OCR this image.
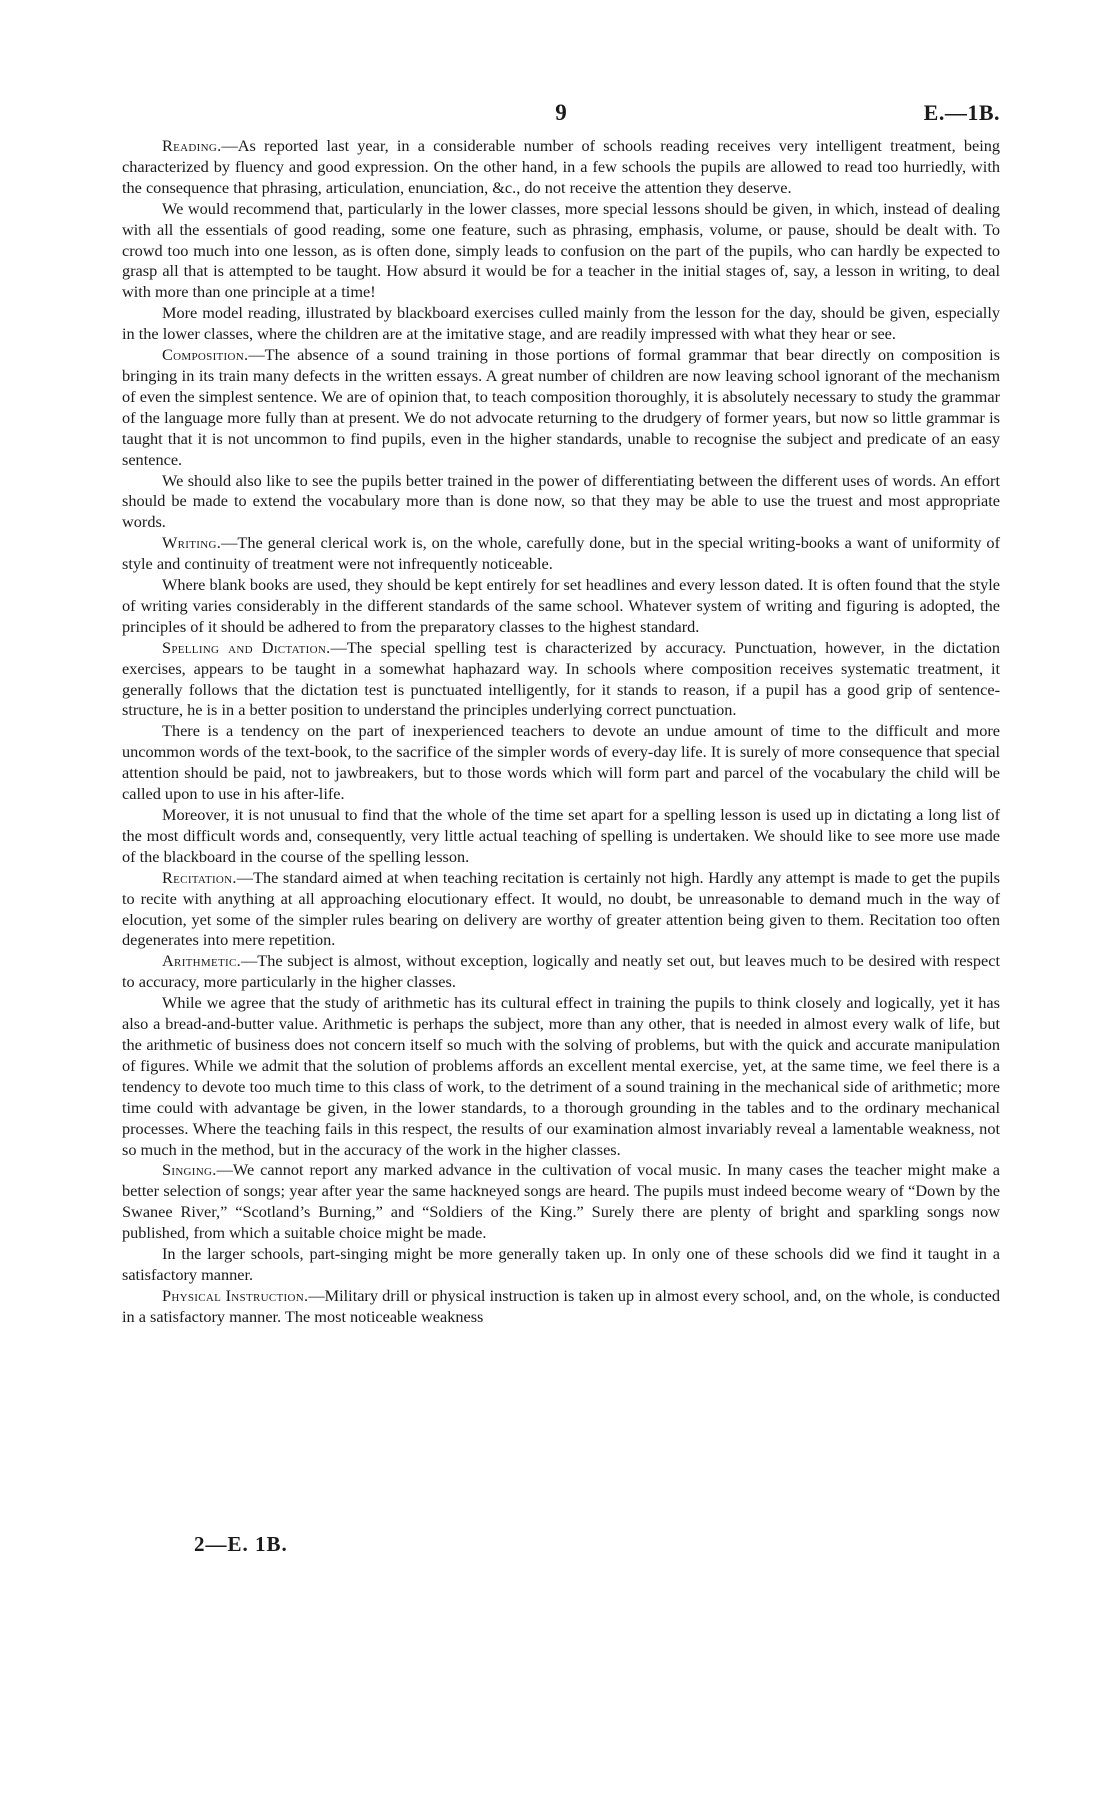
9	E.—1B.

Reading.—As reported last year, in a considerable number of schools reading receives very intelligent treatment, being characterized by fluency and good expression. On the other hand, in a few schools the pupils are allowed to read too hurriedly, with the consequence that phrasing, articulation, enunciation, &c., do not receive the attention they deserve.

We would recommend that, particularly in the lower classes, more special lessons should be given, in which, instead of dealing with all the essentials of good reading, some one feature, such as phrasing, emphasis, volume, or pause, should be dealt with. To crowd too much into one lesson, as is often done, simply leads to confusion on the part of the pupils, who can hardly be expected to grasp all that is attempted to be taught. How absurd it would be for a teacher in the initial stages of, say, a lesson in writing, to deal with more than one principle at a time!

More model reading, illustrated by blackboard exercises culled mainly from the lesson for the day, should be given, especially in the lower classes, where the children are at the imitative stage, and are readily impressed with what they hear or see.

Composition.—The absence of a sound training in those portions of formal grammar that bear directly on composition is bringing in its train many defects in the written essays. A great number of children are now leaving school ignorant of the mechanism of even the simplest sentence. We are of opinion that, to teach composition thoroughly, it is absolutely necessary to study the grammar of the language more fully than at present. We do not advocate returning to the drudgery of former years, but now so little grammar is taught that it is not uncommon to find pupils, even in the higher standards, unable to recognise the subject and predicate of an easy sentence.

We should also like to see the pupils better trained in the power of differentiating between the different uses of words. An effort should be made to extend the vocabulary more than is done now, so that they may be able to use the truest and most appropriate words.

Writing.—The general clerical work is, on the whole, carefully done, but in the special writing-books a want of uniformity of style and continuity of treatment were not infrequently noticeable.

Where blank books are used, they should be kept entirely for set headlines and every lesson dated. It is often found that the style of writing varies considerably in the different standards of the same school. Whatever system of writing and figuring is adopted, the principles of it should be adhered to from the preparatory classes to the highest standard.

Spelling and Dictation.—The special spelling test is characterized by accuracy. Punctuation, however, in the dictation exercises, appears to be taught in a somewhat haphazard way. In schools where composition receives systematic treatment, it generally follows that the dictation test is punctuated intelligently, for it stands to reason, if a pupil has a good grip of sentence-structure, he is in a better position to understand the principles underlying correct punctuation.

There is a tendency on the part of inexperienced teachers to devote an undue amount of time to the difficult and more uncommon words of the text-book, to the sacrifice of the simpler words of every-day life. It is surely of more consequence that special attention should be paid, not to jawbreakers, but to those words which will form part and parcel of the vocabulary the child will be called upon to use in his after-life.

Moreover, it is not unusual to find that the whole of the time set apart for a spelling lesson is used up in dictating a long list of the most difficult words and, consequently, very little actual teaching of spelling is undertaken. We should like to see more use made of the blackboard in the course of the spelling lesson.

Recitation.—The standard aimed at when teaching recitation is certainly not high. Hardly any attempt is made to get the pupils to recite with anything at all approaching elocutionary effect. It would, no doubt, be unreasonable to demand much in the way of elocution, yet some of the simpler rules bearing on delivery are worthy of greater attention being given to them. Recitation too often degenerates into mere repetition.

Arithmetic.—The subject is almost, without exception, logically and neatly set out, but leaves much to be desired with respect to accuracy, more particularly in the higher classes.

While we agree that the study of arithmetic has its cultural effect in training the pupils to think closely and logically, yet it has also a bread-and-butter value. Arithmetic is perhaps the subject, more than any other, that is needed in almost every walk of life, but the arithmetic of business does not concern itself so much with the solving of problems, but with the quick and accurate manipulation of figures. While we admit that the solution of problems affords an excellent mental exercise, yet, at the same time, we feel there is a tendency to devote too much time to this class of work, to the detriment of a sound training in the mechanical side of arithmetic; more time could with advantage be given, in the lower standards, to a thorough grounding in the tables and to the ordinary mechanical processes. Where the teaching fails in this respect, the results of our examination almost invariably reveal a lamentable weakness, not so much in the method, but in the accuracy of the work in the higher classes.

Singing.—We cannot report any marked advance in the cultivation of vocal music. In many cases the teacher might make a better selection of songs; year after year the same hackneyed songs are heard. The pupils must indeed become weary of “Down by the Swanee River,” “Scotland’s Burning,” and “Soldiers of the King.” Surely there are plenty of bright and sparkling songs now published, from which a suitable choice might be made.

In the larger schools, part-singing might be more generally taken up. In only one of these schools did we find it taught in a satisfactory manner.

Physical Instruction.—Military drill or physical instruction is taken up in almost every school, and, on the whole, is conducted in a satisfactory manner. The most noticeable weakness

2—E. 1B.
